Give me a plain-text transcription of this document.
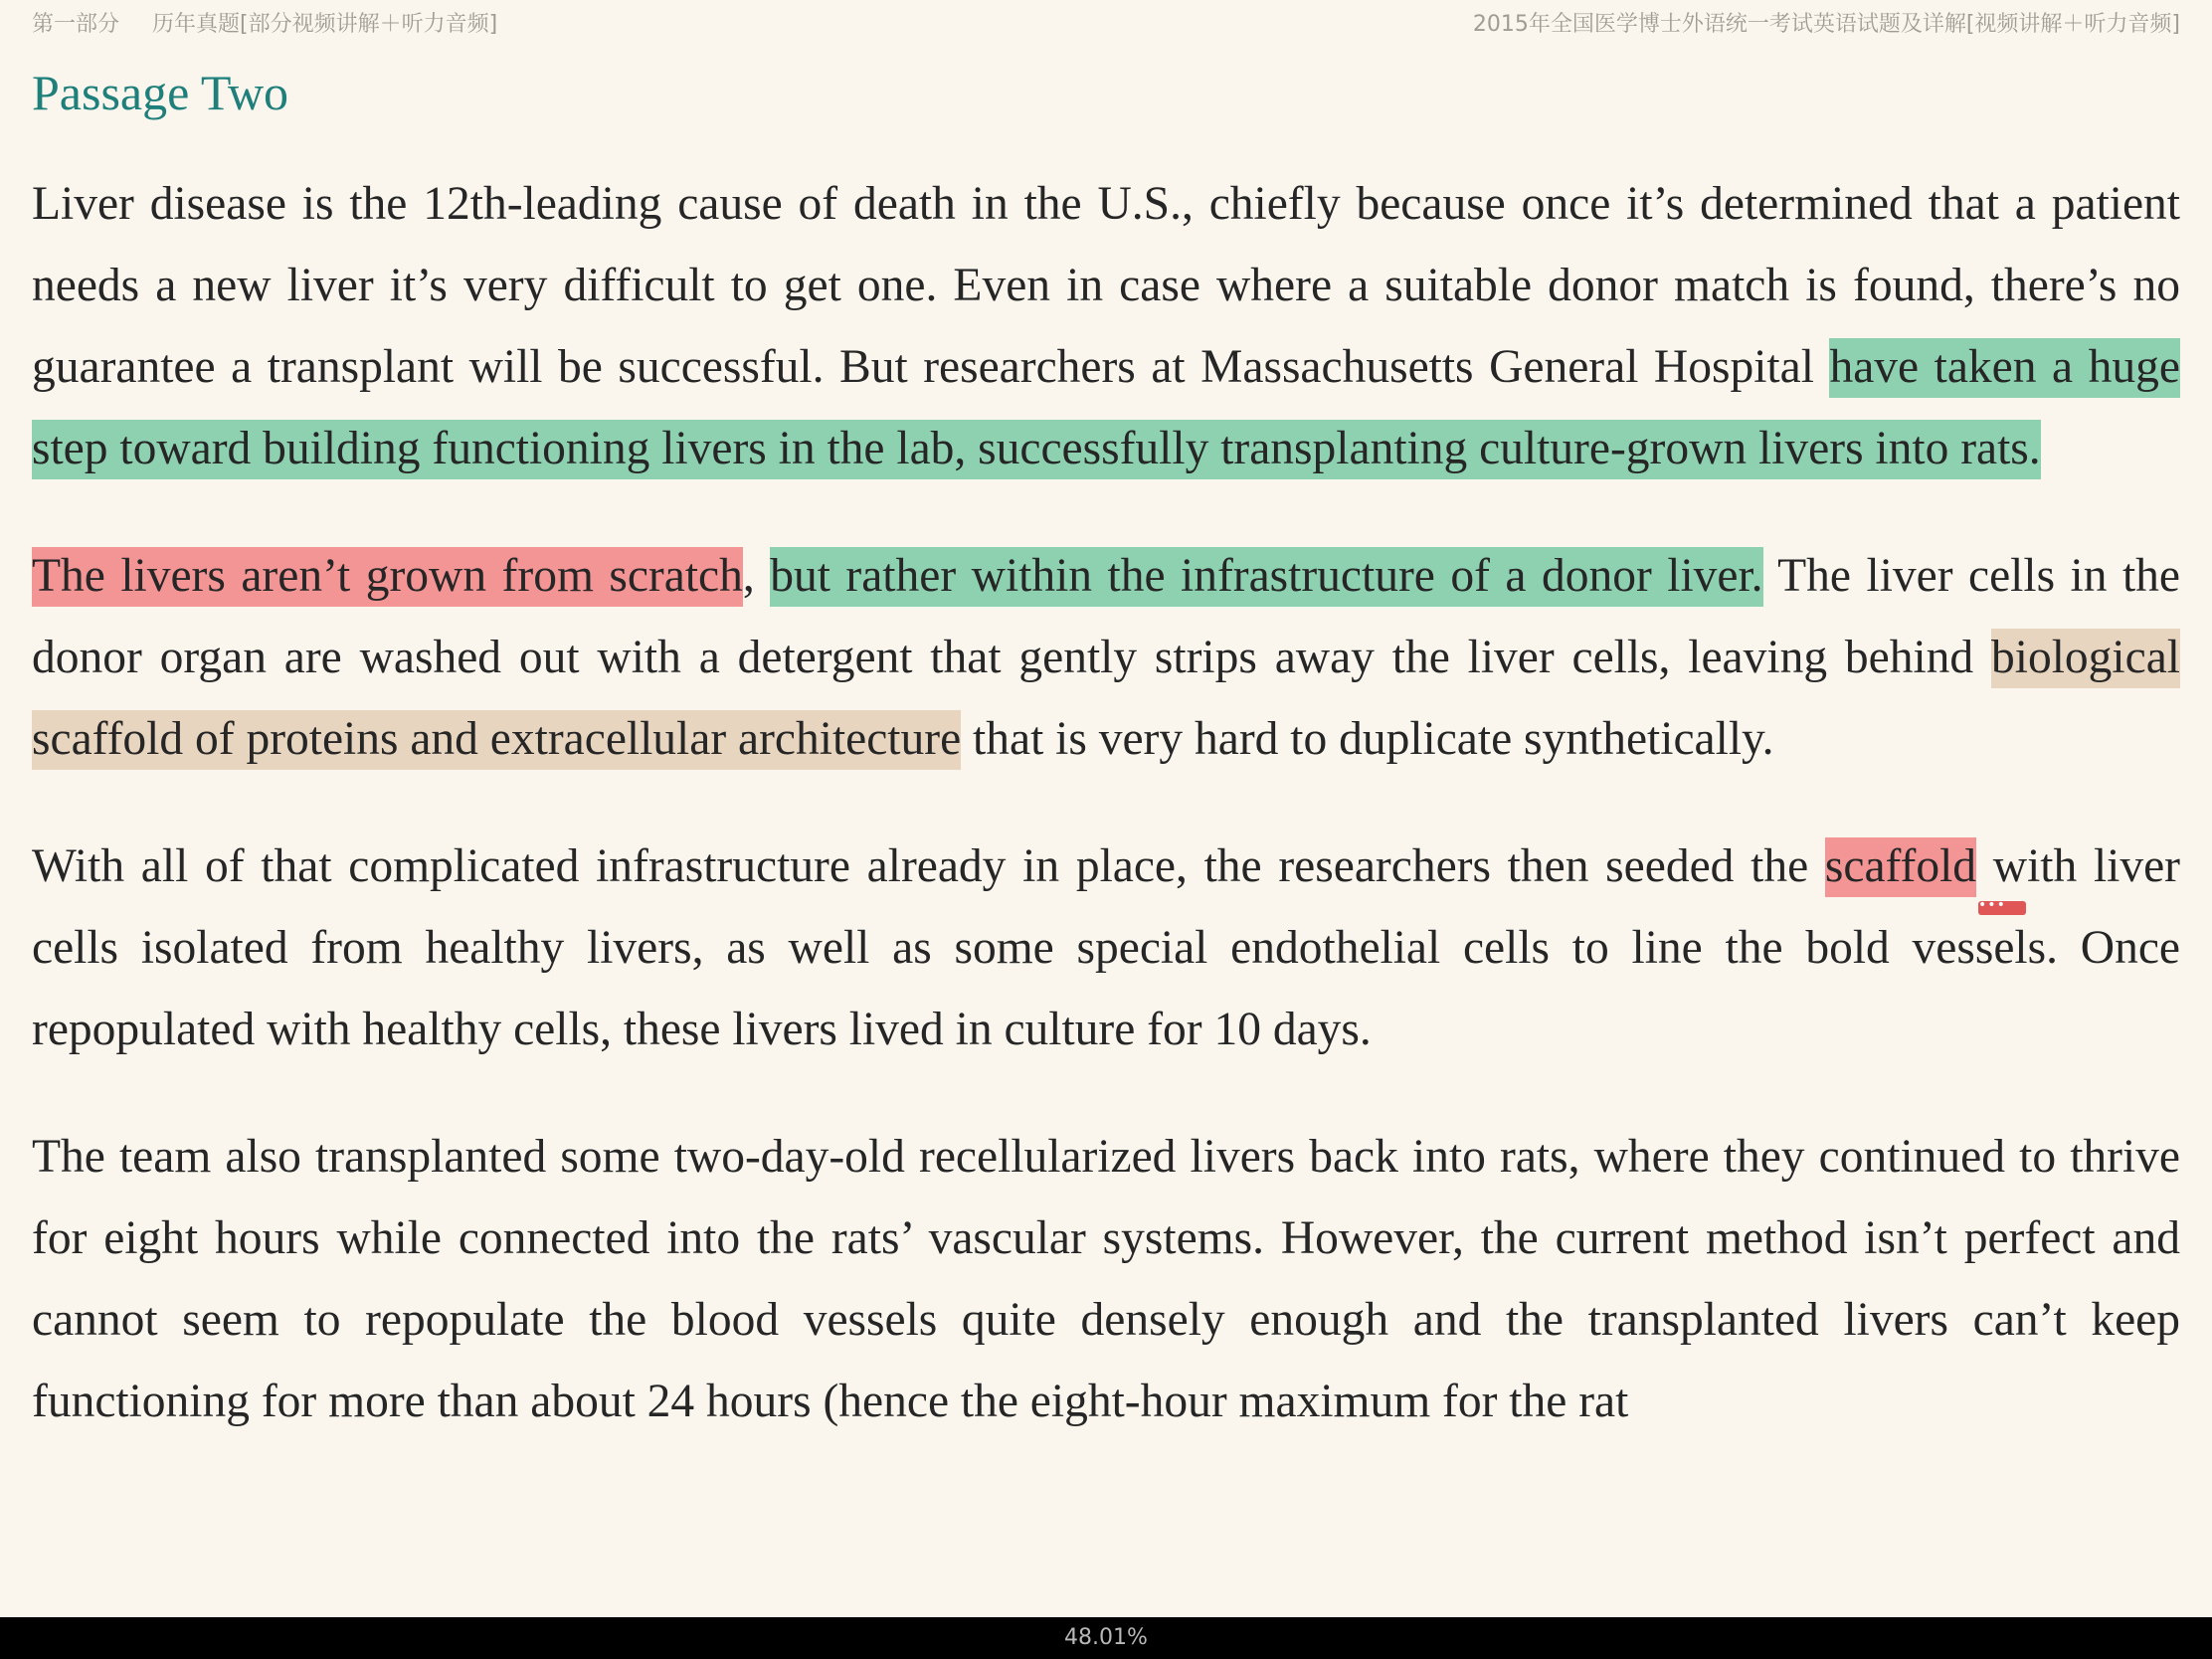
第一部分 历年真题[部分视频讲解＋听力音频]	2015年全国医学博士外语统一考试英语试题及详解[视频讲解＋听力音频]
Passage Two

Liver disease is the 12th-leading cause of death in the U.S., chiefly because once it’s determined that a patient needs a new liver it’s very difficult to get one. Even in case where a suitable donor match is found, there’s no guarantee a transplant will be successful. But researchers at Massachusetts General Hospital have taken a huge step toward building functioning livers in the lab, successfully transplanting culture-grown livers into rats.

The livers aren’t grown from scratch, but rather within the infrastructure of a donor liver. The liver cells in the donor organ are washed out with a detergent that gently strips away the liver cells, leaving behind biological scaffold of proteins and extracellular architecture that is very hard to duplicate synthetically.

With all of that complicated infrastructure already in place, the researchers then seeded the scaffold
•••
with liver cells isolated from healthy livers, as well as some special endothelial cells to line the bold vessels. Once repopulated with healthy cells, these livers lived in culture for 10 days.

The team also transplanted some two-day-old recellularized livers back into rats, where they continued to thrive for eight hours while connected into the rats’ vascular systems. However, the current method isn’t perfect and cannot seem to repopulate the blood vessels quite densely enough and the transplanted livers can’t keep functioning for more than about 24 hours (hence the eight-hour maximum for the rat

48.01%
